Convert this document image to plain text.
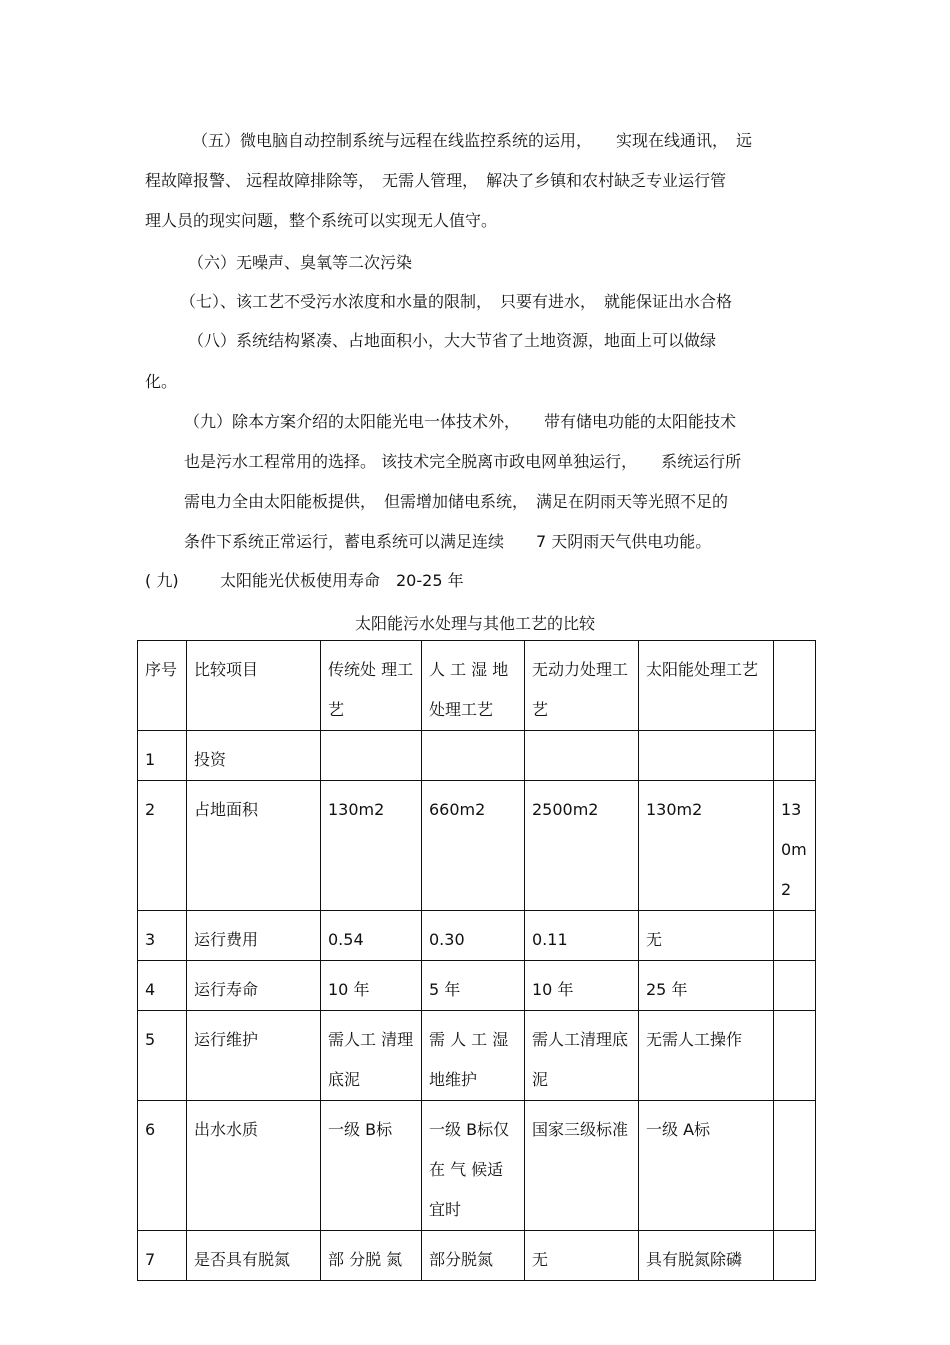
（五）微电脑自动控制系统与远程在线监控系统的运用，　　实现在线通讯，　远
程故障报警、 远程故障排除等，　无需人管理，　解决了乡镇和农村缺乏专业运行管
理人员的现实问题，整个系统可以实现无人值守。
（六）无噪声、臭氧等二次污染
（七）、该工艺不受污水浓度和水量的限制，　只要有进水，　就能保证出水合格
（八）系统结构紧凑、占地面积小，大大节省了土地资源，地面上可以做绿
化。
（九）除本方案介绍的太阳能光电一体技术外，　　带有储电功能的太阳能技术
也是污水工程常用的选择。 该技术完全脱离市政电网单独运行，　　系统运行所
需电力全由太阳能板提供，　但需增加储电系统，　满足在阴雨天等光照不足的
条件下系统正常运行，蓄电系统可以满足连续　　7 天阴雨天气供电功能。
( 九)	太阳能光伏板使用寿命　20-25 年
太阳能污水处理与其他工艺的比较
序号	比较项目	传统处 理工艺	人 工 湿 地处理工艺	无动力处理工艺	太阳能处理工艺	
1	投资					
2	占地面积	130m2	660m2	2500m2	130m2	130m2
3	运行费用	0.54	0.30	0.11	无	
4	运行寿命	10 年	5 年	10 年	25 年	
5	运行维护	需人工 清理底泥	需 人 工 湿地维护	需人工清理底泥	无需人工操作	
6	出水水质	一级 B标	一级 B标仅 在 气 候适宜时	国家三级标准	一级 A标	
7	是否具有脱氮	部 分脱 氮	部分脱氮	无	具有脱氮除磷	
